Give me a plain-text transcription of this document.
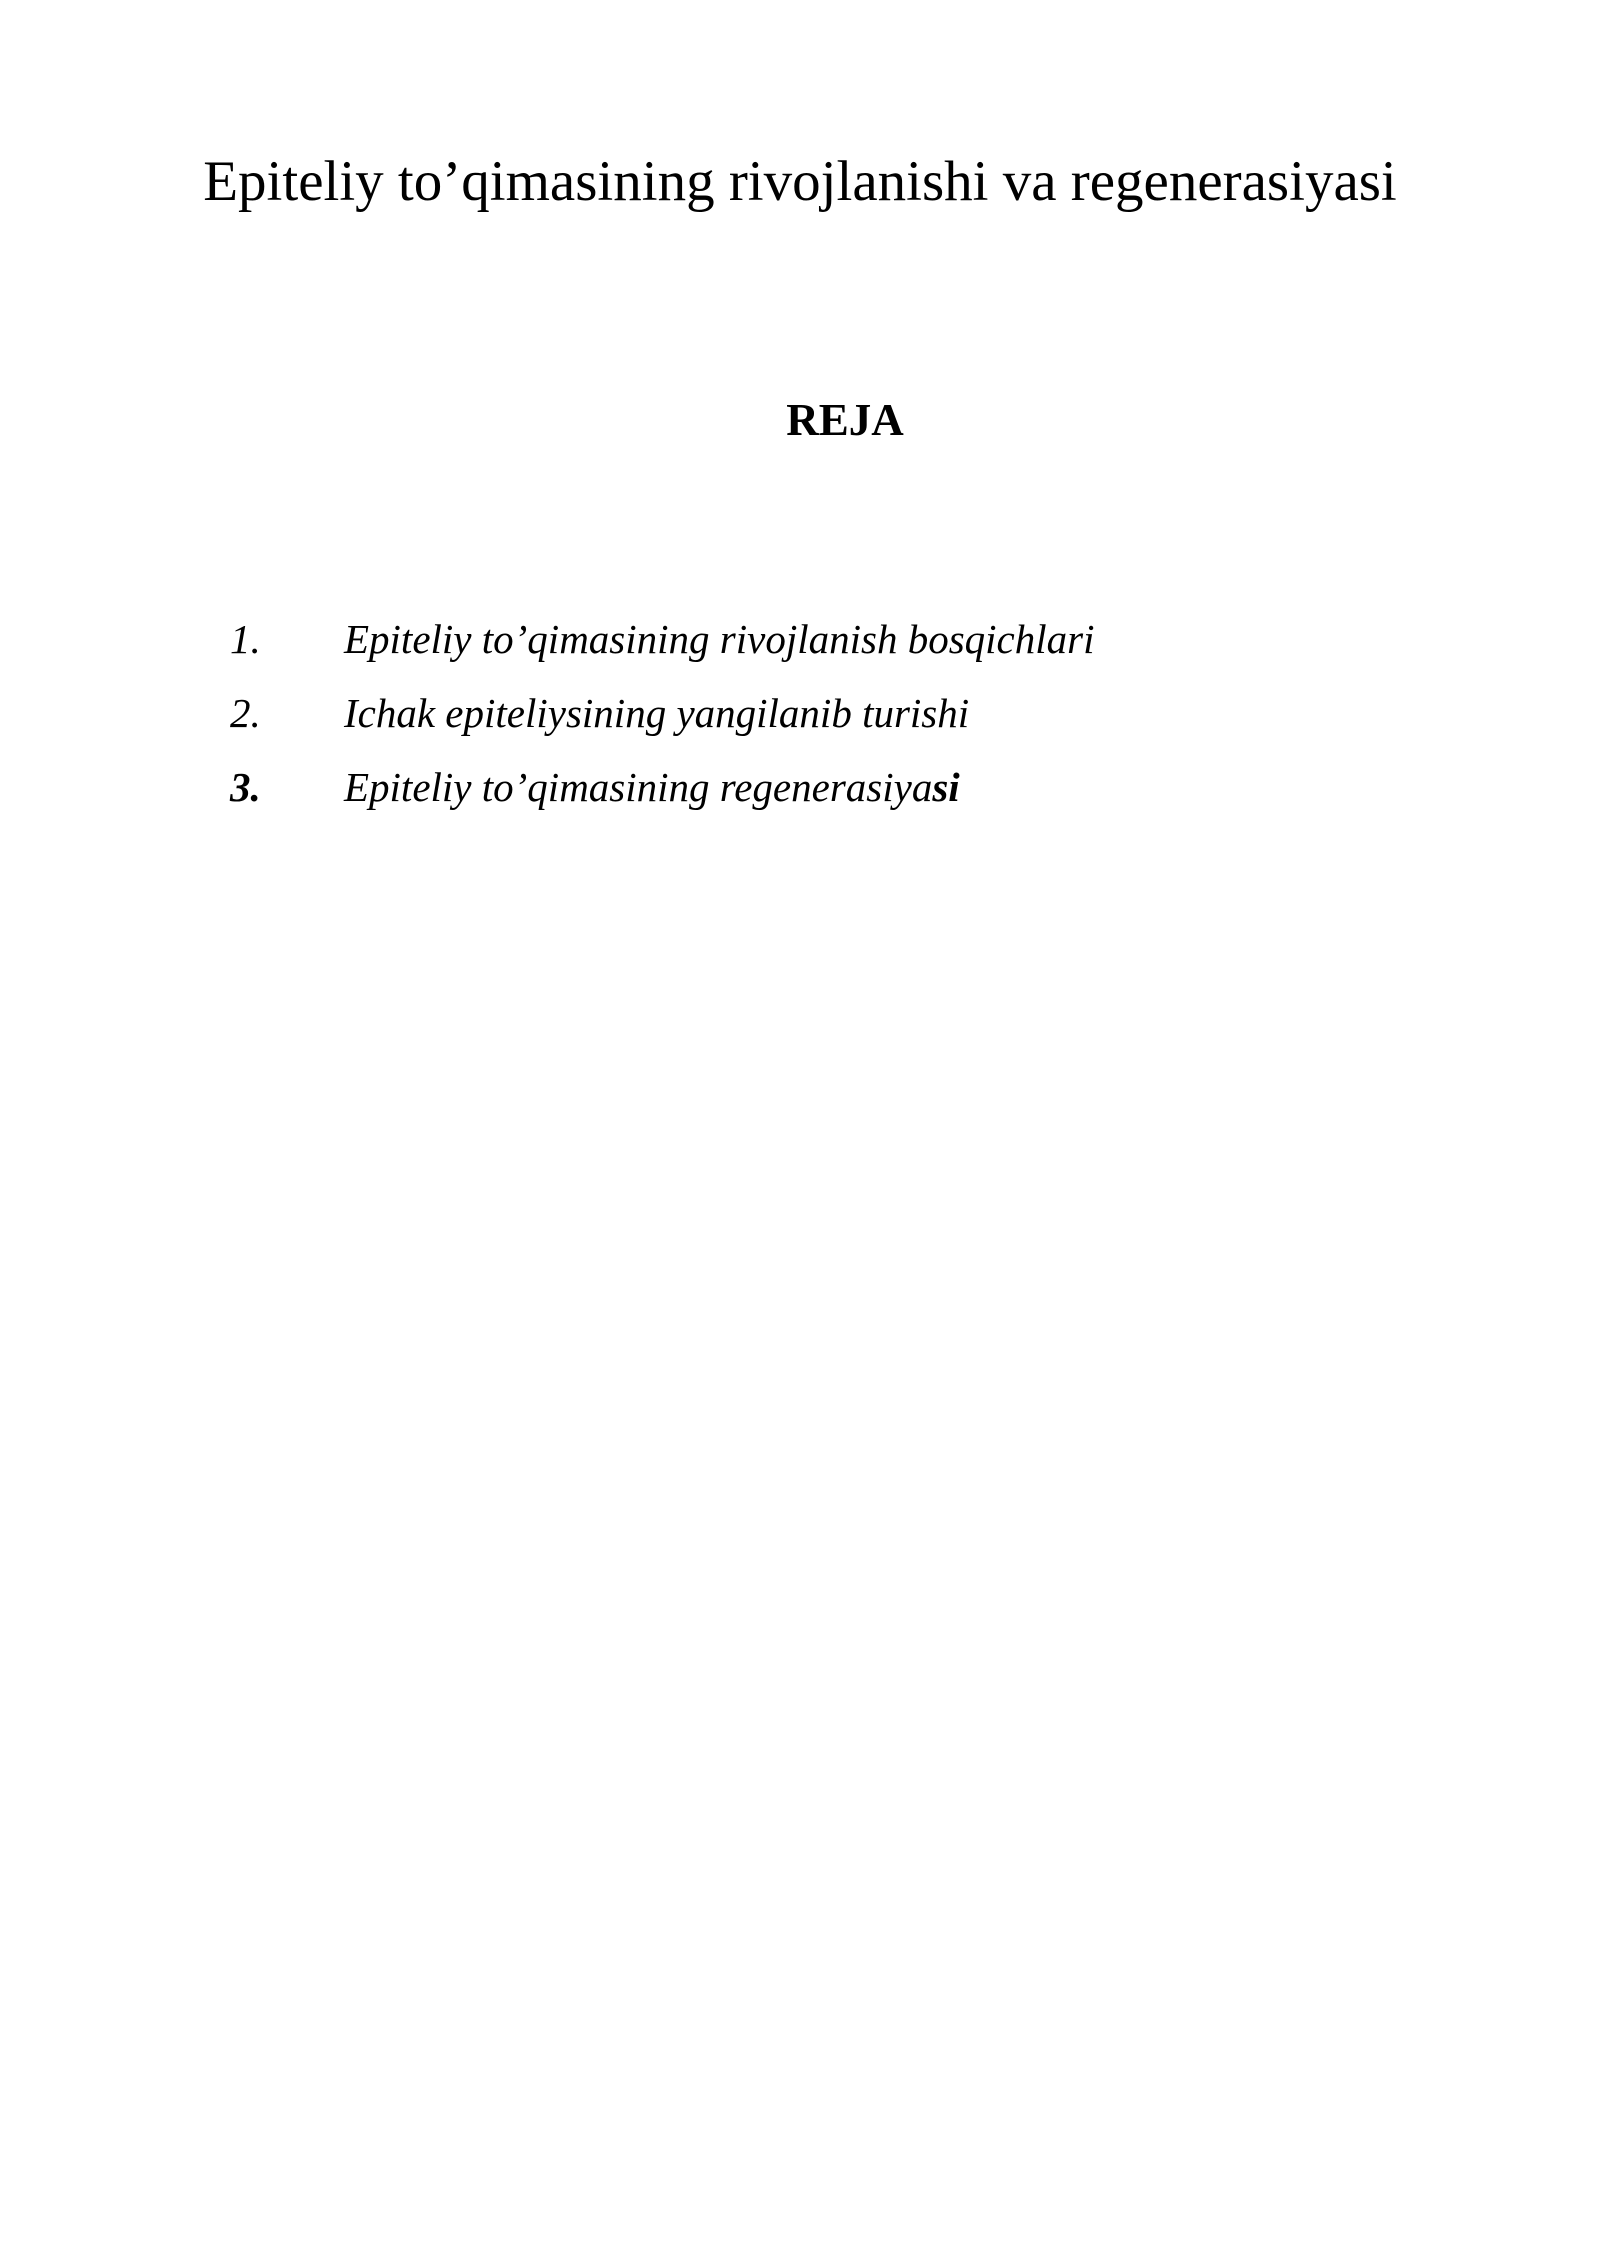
Epiteliy to’qimasining rivojlanishi va regenerasiyasi
REJA
1.	Epiteliy to’qimasining rivojlanish bosqichlari
2.	Ichak epiteliysining yangilanib turishi
3.	Epiteliy to’qimasining regenerasiyasi
